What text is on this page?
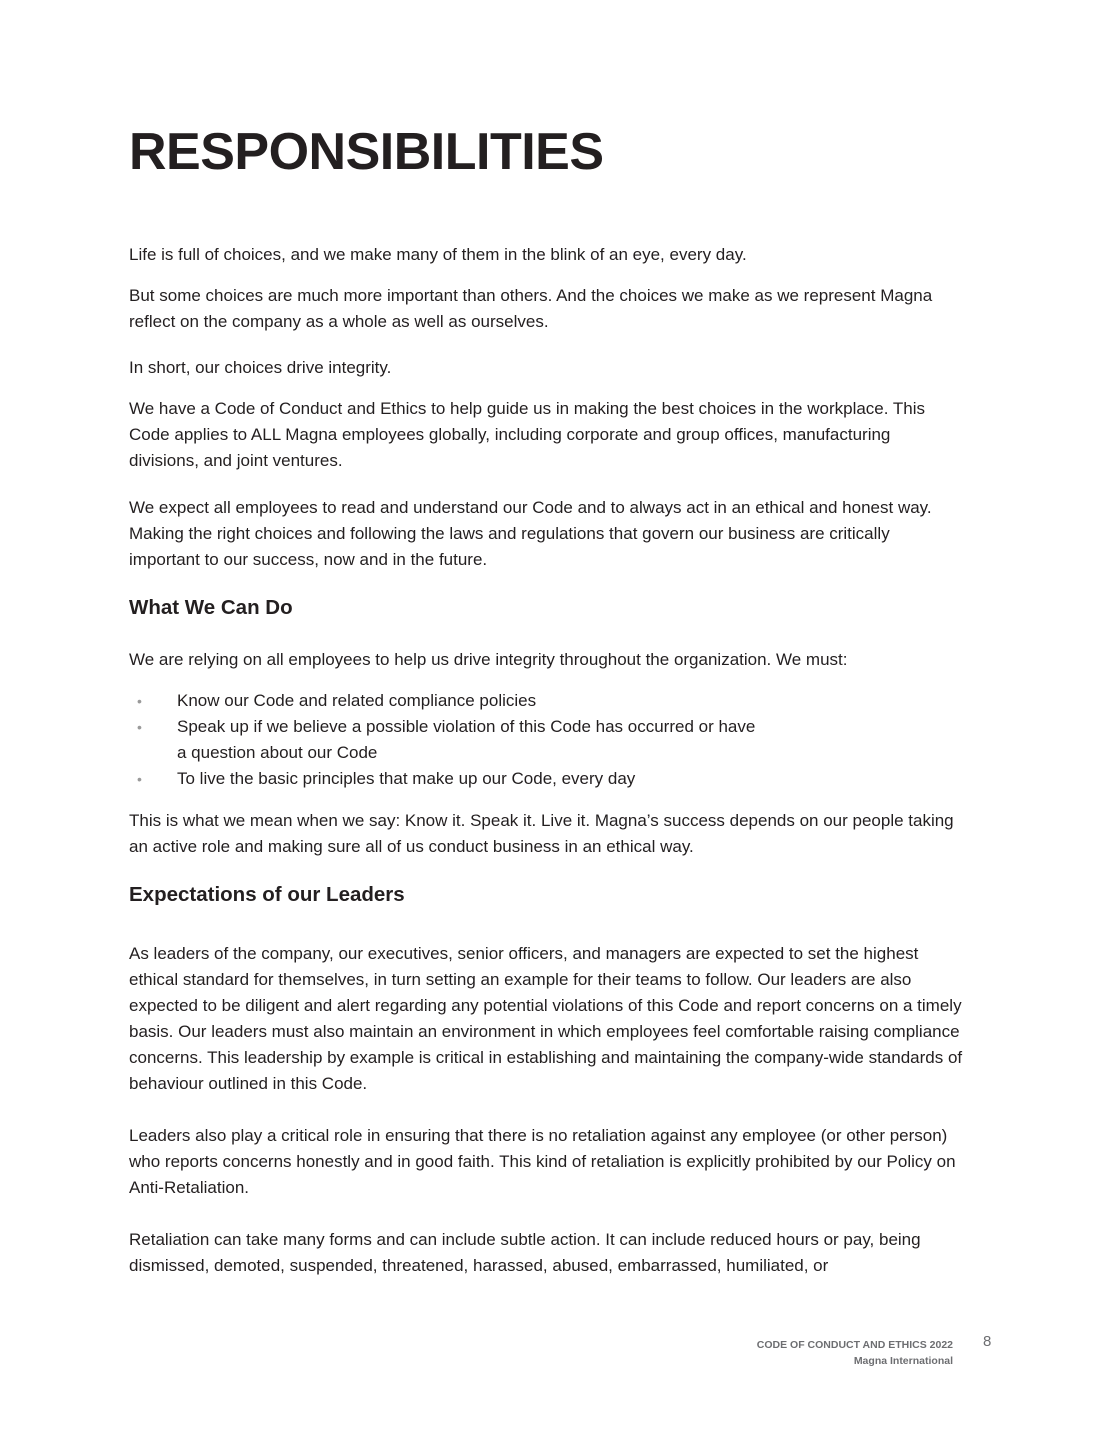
RESPONSIBILITIES

Life is full of choices, and we make many of them in the blink of an eye, every day.

But some choices are much more important than others. And the choices we make as we represent Magna reflect on the company as a whole as well as ourselves.

In short, our choices drive integrity.

We have a Code of Conduct and Ethics to help guide us in making the best choices in the workplace. This Code applies to ALL Magna employees globally, including corporate and group offices, manufacturing divisions, and joint ventures.

We expect all employees to read and understand our Code and to always act in an ethical and honest way. Making the right choices and following the laws and regulations that govern our business are critically important to our success, now and in the future.

What We Can Do

We are relying on all employees to help us drive integrity throughout the organization. We must:

• Know our Code and related compliance policies
• Speak up if we believe a possible violation of this Code has occurred or have a question about our Code
• To live the basic principles that make up our Code, every day

This is what we mean when we say: Know it. Speak it. Live it. Magna’s success depends on our people taking an active role and making sure all of us conduct business in an ethical way.

Expectations of our Leaders

As leaders of the company, our executives, senior officers, and managers are expected to set the highest ethical standard for themselves, in turn setting an example for their teams to follow. Our leaders are also expected to be diligent and alert regarding any potential violations of this Code and report concerns on a timely basis. Our leaders must also maintain an environment in which employees feel comfortable raising compliance concerns. This leadership by example is critical in establishing and maintaining the company-wide standards of behaviour outlined in this Code.

Leaders also play a critical role in ensuring that there is no retaliation against any employee (or other person) who reports concerns honestly and in good faith. This kind of retaliation is explicitly prohibited by our Policy on Anti-Retaliation.

Retaliation can take many forms and can include subtle action. It can include reduced hours or pay, being dismissed, demoted, suspended, threatened, harassed, abused, embarrassed, humiliated, or

CODE OF CONDUCT AND ETHICS 2022
Magna International
8
